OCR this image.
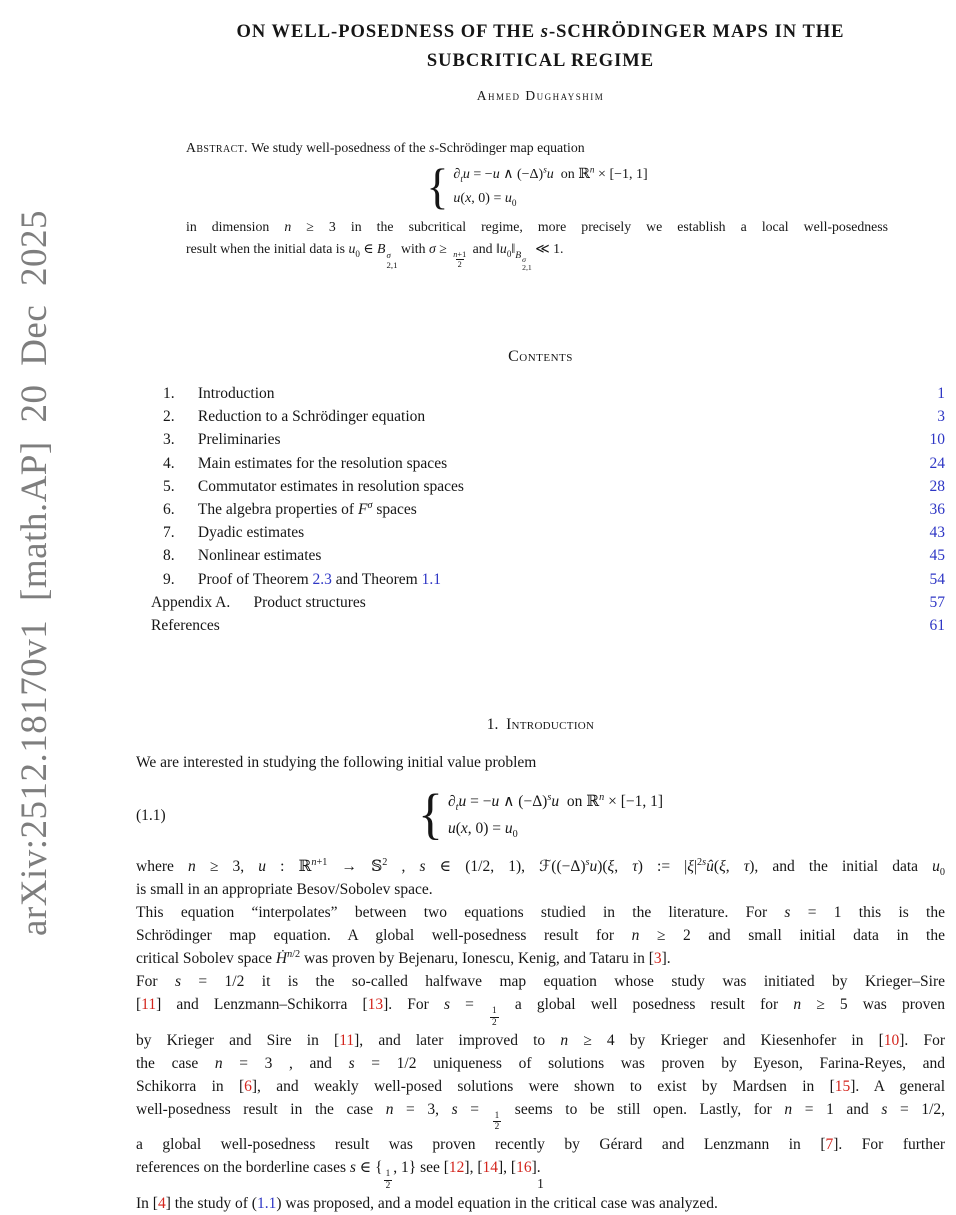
arXiv:2512.18170v1 [math.AP] 20 Dec 2025
ON WELL-POSEDNESS OF THE s-SCHRÖDINGER MAPS IN THE
SUBCRITICAL REGIME
Ahmed Dughayshim

Abstract. We study well-posedness of the s-Schrödinger map equation

{ $\partial_tu = -u$ ∧ $(-\Delta)^su$ on ℝ$^n$ × [−1, 1]
u(x, $0) = u_0$
in dimension n ≥ 3 in the subcritical regime, more precisely we establish a local well-posedness
result when the initial data is $u_0$ ∈ B σ
2,1
with σ ≥
$\frac{n+1}{2}$
and $‖u_0‖_{B \sigma 2,1}$
≪ 1.
Contents
1.  Introduction	1
2.  Reduction to a Schrödinger equation	3
3.  Preliminaries	10
4.  Main estimates for the resolution spaces	24
5.  Commutator estimates in resolution spaces	28
6.  The algebra properties of $F^\sigma$ spaces	36
7.  Dyadic estimates	43
8.  Nonlinear estimates	45
9.  Proof of Theorem 2.3 and Theorem 1.1	54
Appendix A.  Product structures	57
References	61
1.  Introduction

We are interested in studying the following initial value problem

(1.1)	{ $\partial_tu = -u$ ∧ $(-\Delta)^su$ on ℝ$^n$ × [−1, 1]
u(x, $0) = u_0$
where n ≥ 3, u : ℝ$^{n+1}$ → 𝕊$^2$ , s ∈ (1/2, 1), $ℱ((-\Delta)^su)(\xi$, τ) := $|\xi|^{2s}û(\xi$, τ), and the initial data $u_0$
is small in an appropriate Besov/Sobolev space.
This equation “interpolates” between two equations studied in the literature. For s = 1 this is the
Schrödinger map equation. A global well-posedness result for n ≥ 2 and small initial data in the
critical Sobolev space Ḣ$^{n/2}$ was proven by Bejenaru, Ionescu, Kenig, and Tataru in [3].
For s = 1/2 it is the so-called halfwave map equation whose study was initiated by Krieger–Sire
[11] and Lenzmann–Schikorra [13]. For s =
$\frac{1}{2}$
a global well posedness result for n ≥ 5 was proven
by Krieger and Sire in [11], and later improved to n ≥ 4 by Krieger and Kiesenhofer in [10]. For
the case n = 3 , and s = 1/2 uniqueness of solutions was proven by Eyeson, Farina-Reyes, and
Schikorra in [6], and weakly well-posed solutions were shown to exist by Mardsen in [15]. A general
well-posedness result in the case n = 3, s =
$\frac{1}{2}$
seems to be still open. Lastly, for n = 1 and s = 1/2,
a global well-posedness result was proven recently by Gérard and Lenzmann in [7]. For further
references on the borderline cases s ∈ {
$\frac{1}{2}$
, 1} see [12], [14], [16].
In [4] the study of (1.1) was proposed, and a model equation in the critical case was analyzed.
1
